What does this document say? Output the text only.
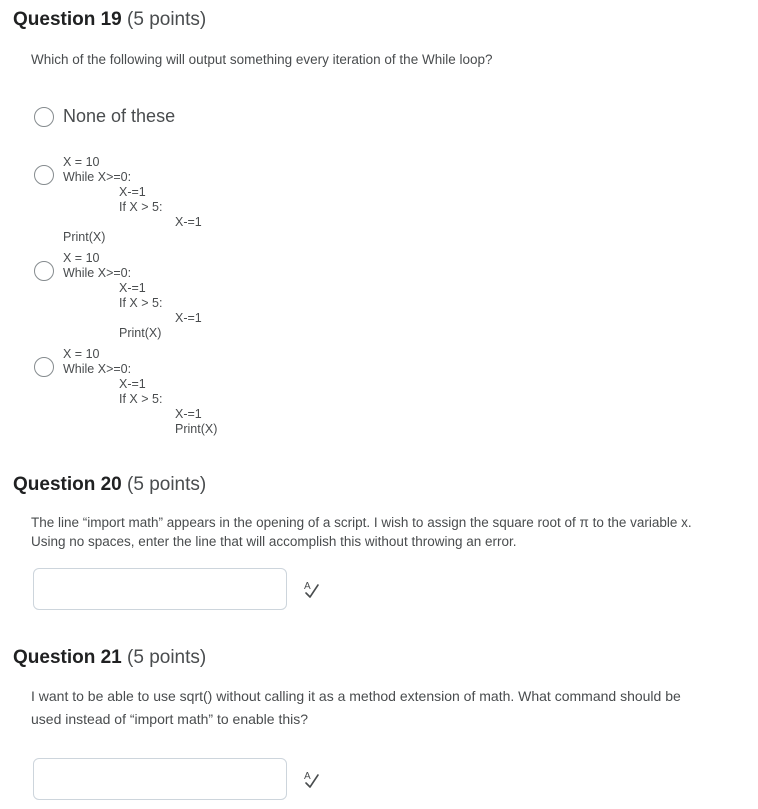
Question 19 (5 points)
Which of the following will output something every iteration of the While loop?
None of these
X = 10
While X>=0:
X-=1
If X > 5:
X-=1
Print(X)
X = 10
While X>=0:
X-=1
If X > 5:
X-=1
Print(X)
X = 10
While X>=0:
X-=1
If X > 5:
X-=1
Print(X)
Question 20 (5 points)
The line “import math” appears in the opening of a script. I wish to assign the square root of π to the variable x.
Using no spaces, enter the line that will accomplish this without throwing an error.
A
Question 21 (5 points)
I want to be able to use sqrt() without calling it as a method extension of math. What command should be
used instead of “import math” to enable this?
A
